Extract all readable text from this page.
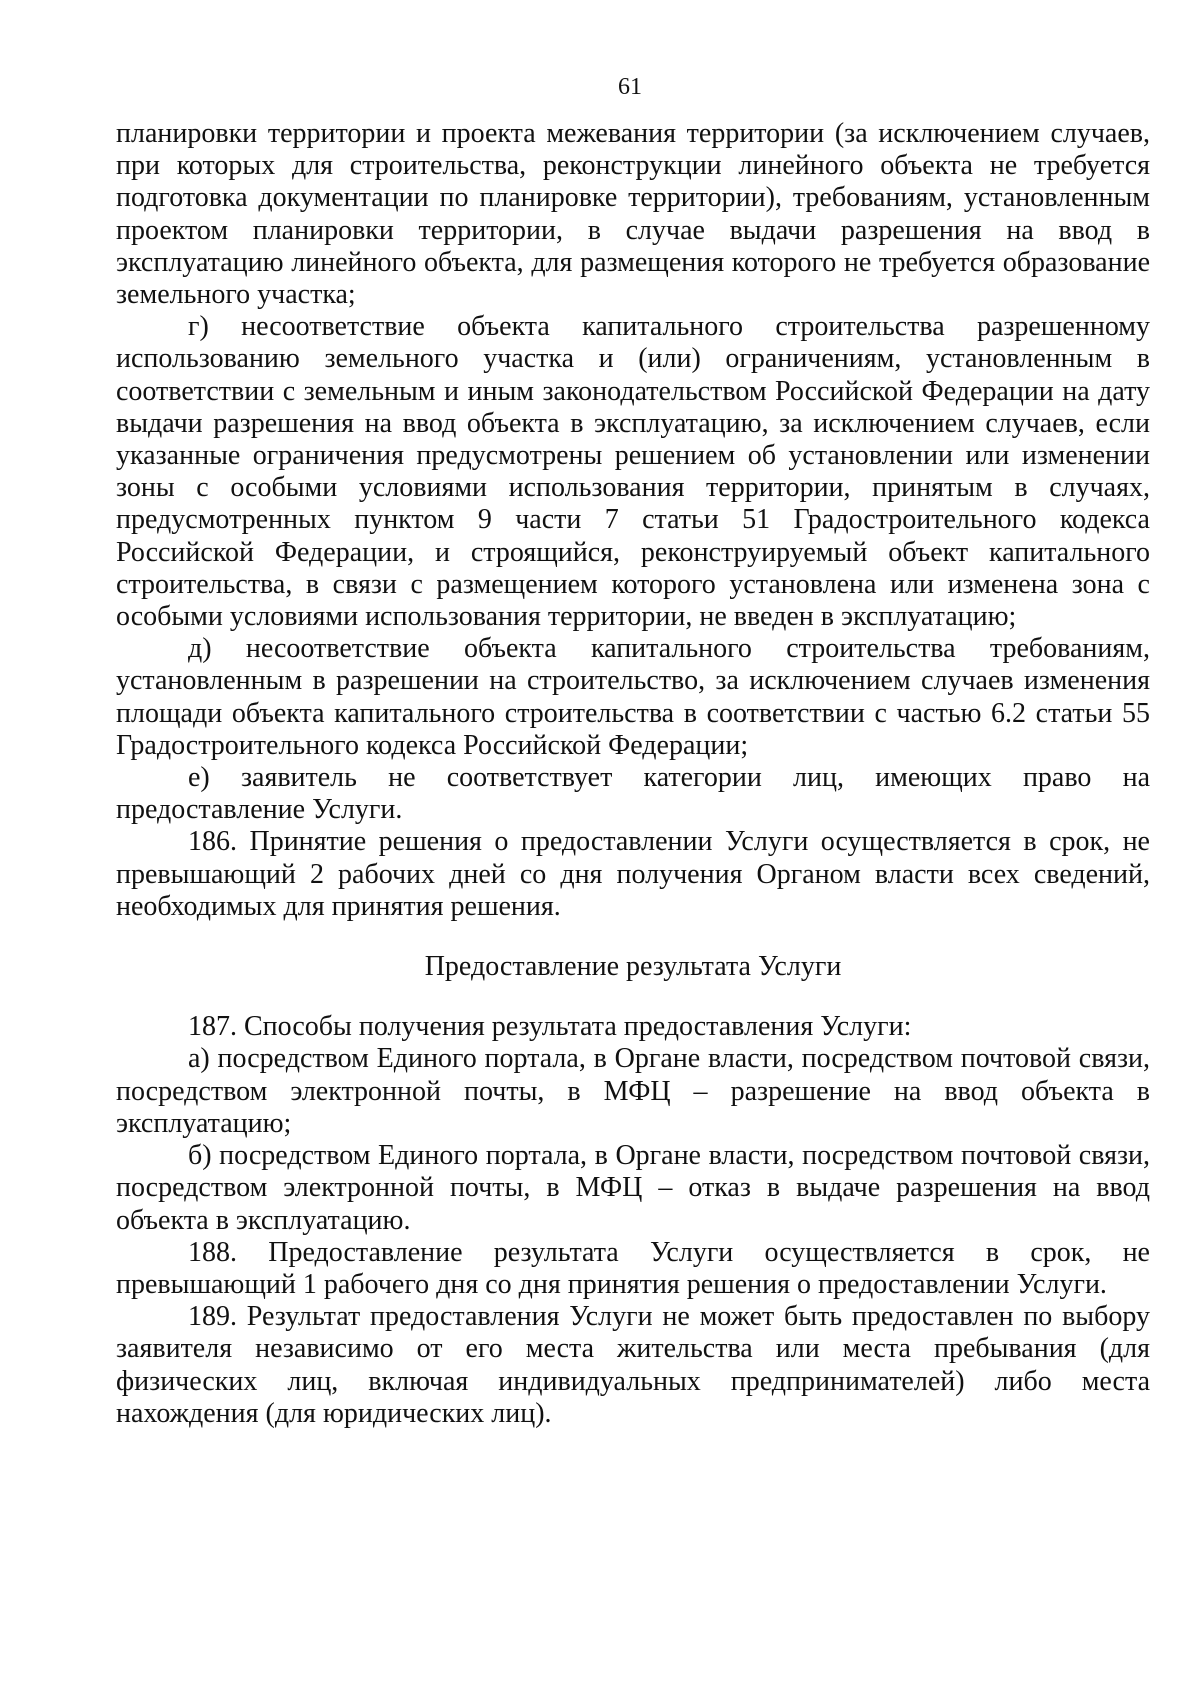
61

планировки территории и проекта межевания территории (за исключением случаев, при которых для строительства, реконструкции линейного объекта не требуется подготовка документации по планировке территории), требованиям, установленным проектом планировки территории, в случае выдачи разрешения на ввод в эксплуатацию линейного объекта, для размещения которого не требуется образование земельного участка;

г) несоответствие объекта капитального строительства разрешенному использованию земельного участка и (или) ограничениям, установленным в соответствии с земельным и иным законодательством Российской Федерации на дату выдачи разрешения на ввод объекта в эксплуатацию, за исключением случаев, если указанные ограничения предусмотрены решением об установлении или изменении зоны с особыми условиями использования территории, принятым в случаях, предусмотренных пунктом 9 части 7 статьи 51 Градостроительного кодекса Российской Федерации, и строящийся, реконструируемый объект капитального строительства, в связи с размещением которого установлена или изменена зона с особыми условиями использования территории, не введен в эксплуатацию;

д) несоответствие объекта капитального строительства требованиям, установленным в разрешении на строительство, за исключением случаев изменения площади объекта капитального строительства в соответствии с частью 6.2 статьи 55 Градостроительного кодекса Российской Федерации;

е) заявитель не соответствует категории лиц, имеющих право на предоставление Услуги.

186. Принятие решения о предоставлении Услуги осуществляется в срок, не превышающий 2 рабочих дней со дня получения Органом власти всех сведений, необходимых для принятия решения.

Предоставление результата Услуги

187. Способы получения результата предоставления Услуги:

а) посредством Единого портала, в Органе власти, посредством почтовой связи, посредством электронной почты, в МФЦ – разрешение на ввод объекта в эксплуатацию;

б) посредством Единого портала, в Органе власти, посредством почтовой связи, посредством электронной почты, в МФЦ – отказ в выдаче разрешения на ввод объекта в эксплуатацию.

188. Предоставление результата Услуги осуществляется в срок, не превышающий 1 рабочего дня со дня принятия решения о предоставлении Услуги.

189. Результат предоставления Услуги не может быть предоставлен по выбору заявителя независимо от его места жительства или места пребывания (для физических лиц, включая индивидуальных предпринимателей) либо места нахождения (для юридических лиц).
